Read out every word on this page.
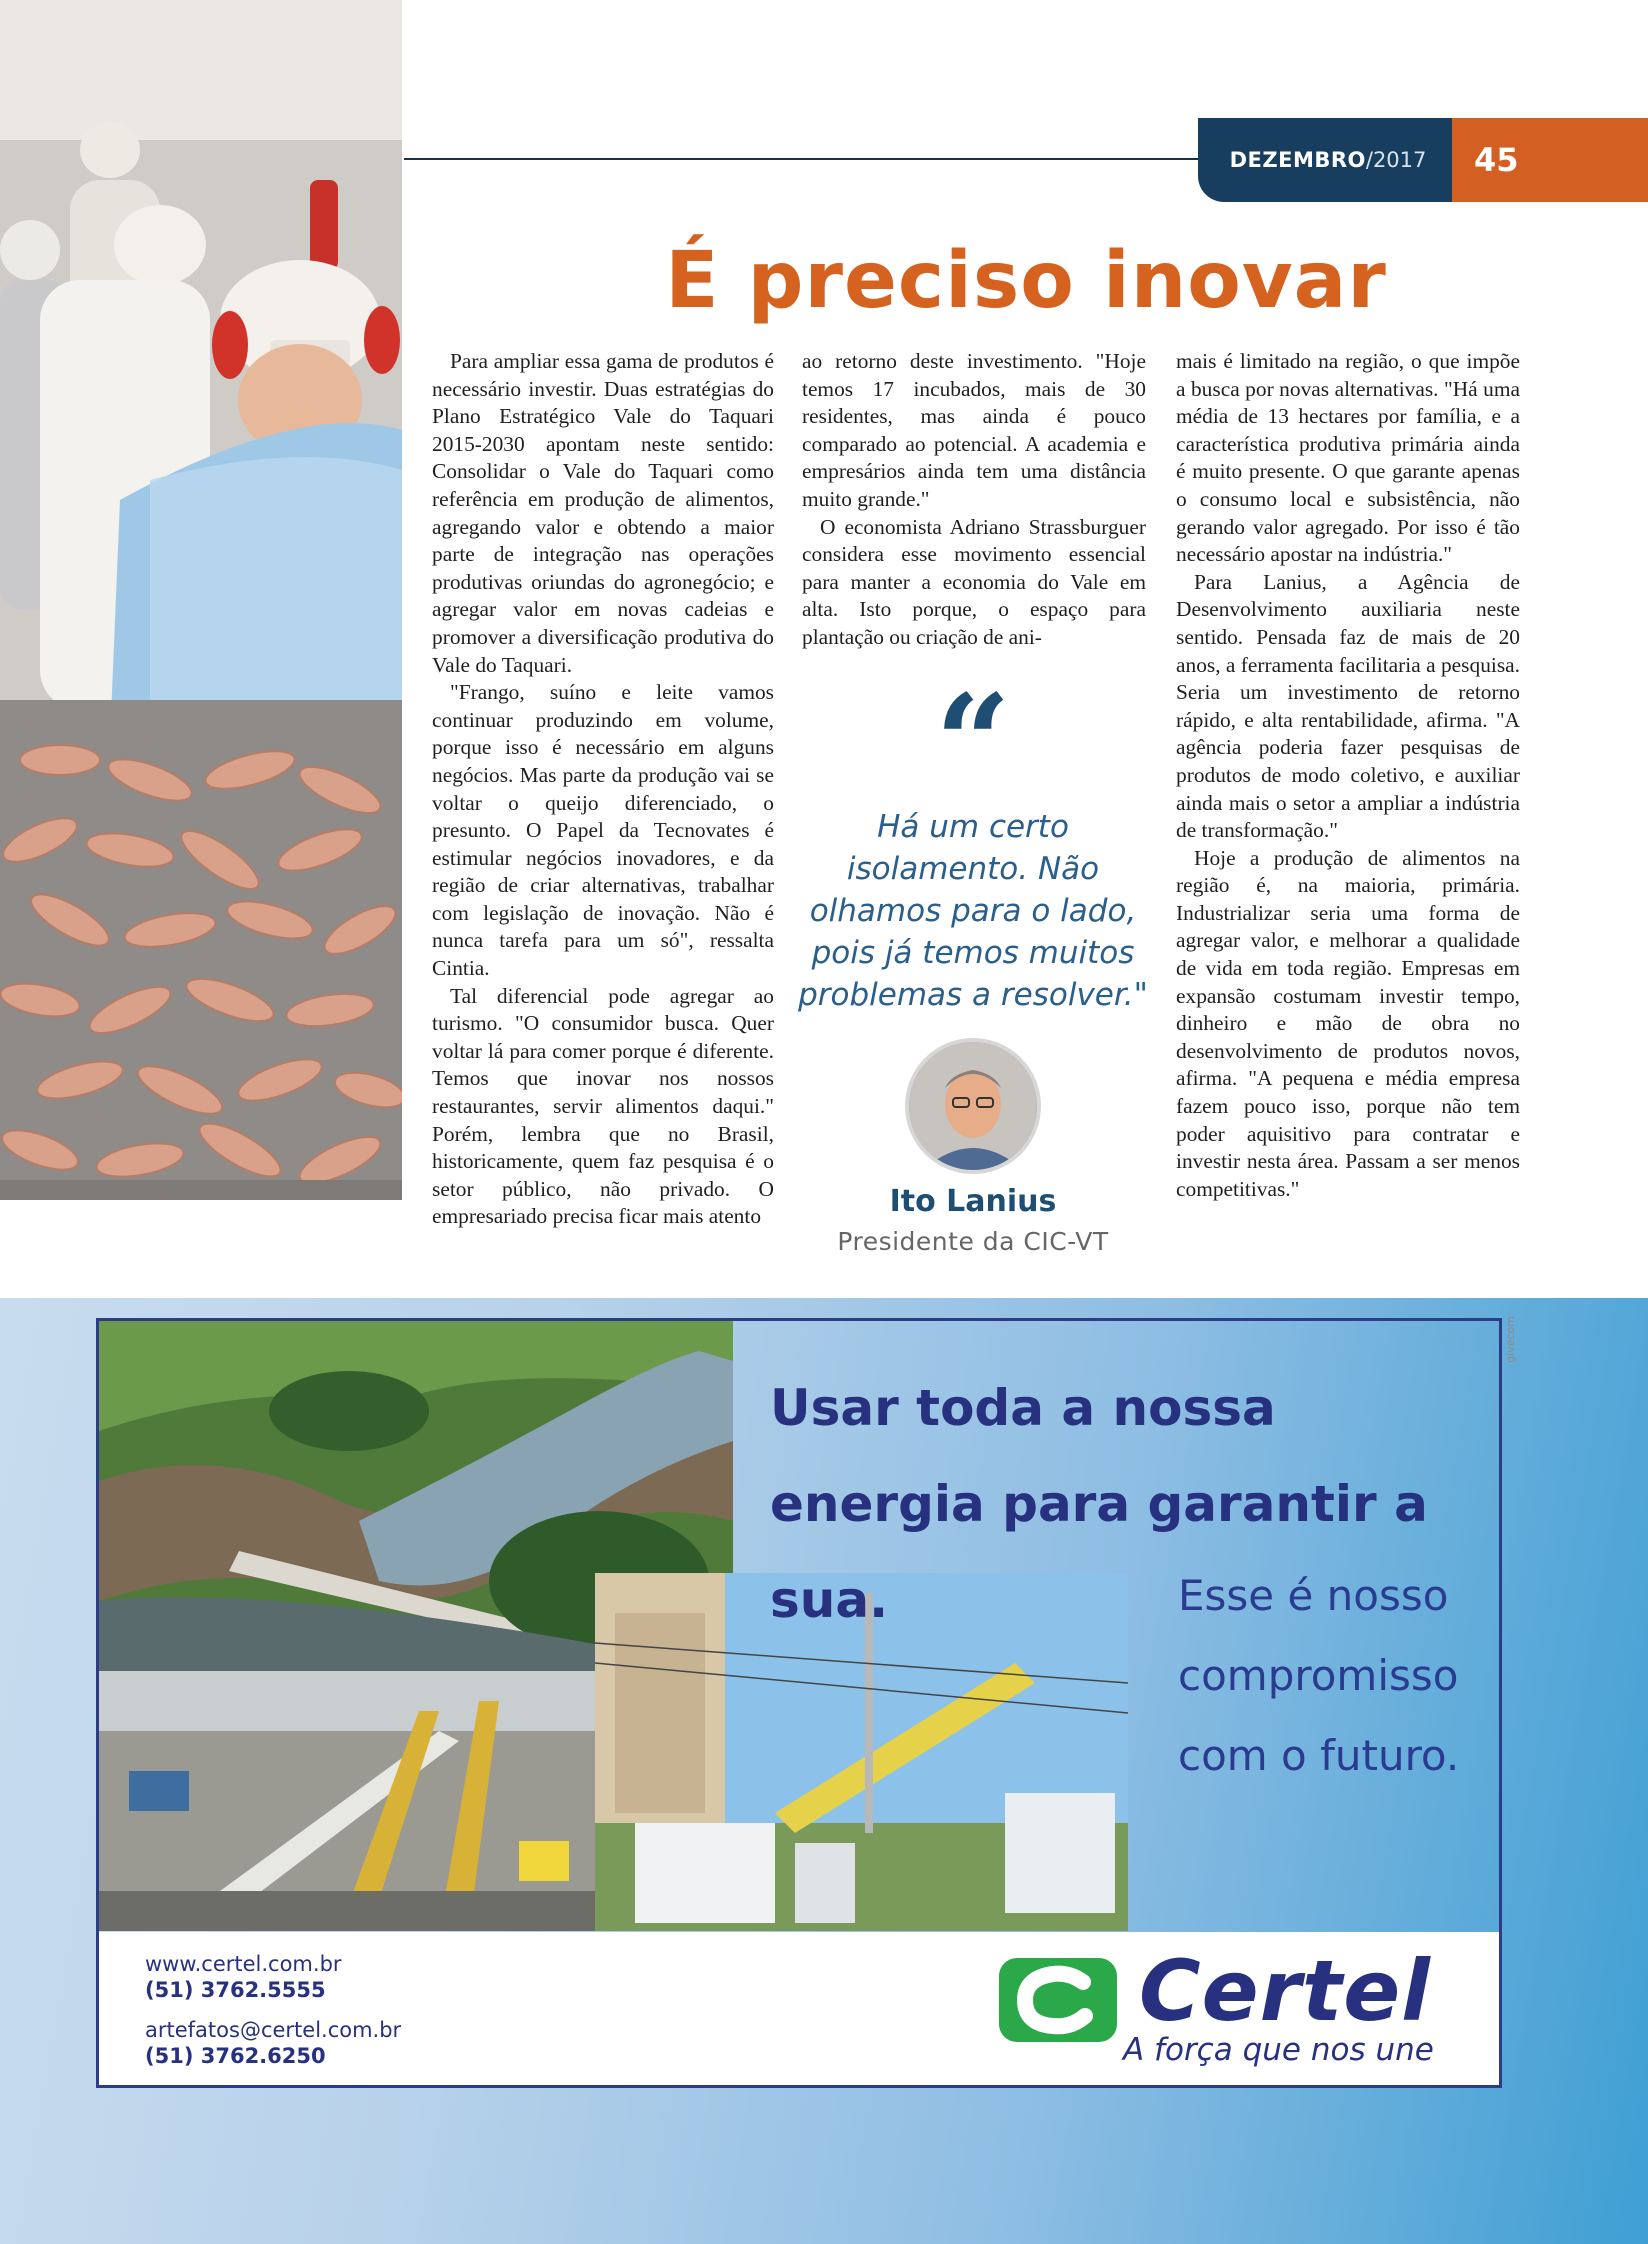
DEZEMBRO /2017	45
É preciso inovar

Para ampliar essa gama de produtos é necessário investir. Duas estratégias do Plano Estratégico Vale do Taquari 2015-2030 apontam neste sentido: Consolidar o Vale do Taquari como referência em produção de alimentos, agregando valor e obtendo a maior parte de integração nas operações produtivas oriundas do agronegócio; e agregar valor em novas cadeias e promover a diversificação produtiva do Vale do Taquari.

"Frango, suíno e leite vamos continuar produzindo em volume, porque isso é necessário em alguns negócios. Mas parte da produção vai se voltar o queijo diferenciado, o presunto. O Papel da Tecnovates é estimular negócios inovadores, e da região de criar alternativas, trabalhar com legislação de inovação. Não é nunca tarefa para um só", ressalta Cintia.

Tal diferencial pode agregar ao turismo. "O consumidor busca. Quer voltar lá para comer porque é diferente. Temos que inovar nos nossos restaurantes, servir alimentos daqui." Porém, lembra que no Brasil, historicamente, quem faz pesquisa é o setor público, não privado. O empresariado precisa ficar mais atento

ao retorno deste investimento. "Hoje temos 17 incubados, mais de 30 residentes, mas ainda é pouco comparado ao potencial. A academia e empresários ainda tem uma distância muito grande."

O economista Adriano Strassburguer considera esse movimento essencial para manter a economia do Vale em alta. Isto porque, o espaço para plantação ou criação de ani-

“
Há um certo isolamento. Não olhamos para o lado, pois já temos muitos problemas a resolver."
Ito Lanius
Presidente da CIC-VT

mais é limitado na região, o que impõe a busca por novas alternativas. "Há uma média de 13 hectares por família, e a característica produtiva primária ainda é muito presente. O que garante apenas o consumo local e subsistência, não gerando valor agregado. Por isso é tão necessário apostar na indústria."

Para Lanius, a Agência de Desenvolvimento auxiliaria neste sentido. Pensada faz de mais de 20 anos, a ferramenta facilitaria a pesquisa. Seria um investimento de retorno rápido, e alta rentabilidade, afirma. "A agência poderia fazer pesquisas de produtos de modo coletivo, e auxiliar ainda mais o setor a ampliar a indústria de transformação."

Hoje a produção de alimentos na região é, na maioria, primária. Industrializar seria uma forma de agregar valor, e melhorar a qualidade de vida em toda região. Empresas em expansão costumam investir tempo, dinheiro e mão de obra no desenvolvimento de produtos novos, afirma. "A pequena e média empresa fazem pouco isso, porque não tem poder aquisitivo para contratar e investir nesta área. Passam a ser menos competitivas."

Usar toda a nossa energia para garantir a sua.	Esse é nosso compromisso com o futuro.
givecom
www.certel.com.br
(51) 3762.5555
artefatos@certel.com.br
(51) 3762.6250
Certel
A força que nos une
